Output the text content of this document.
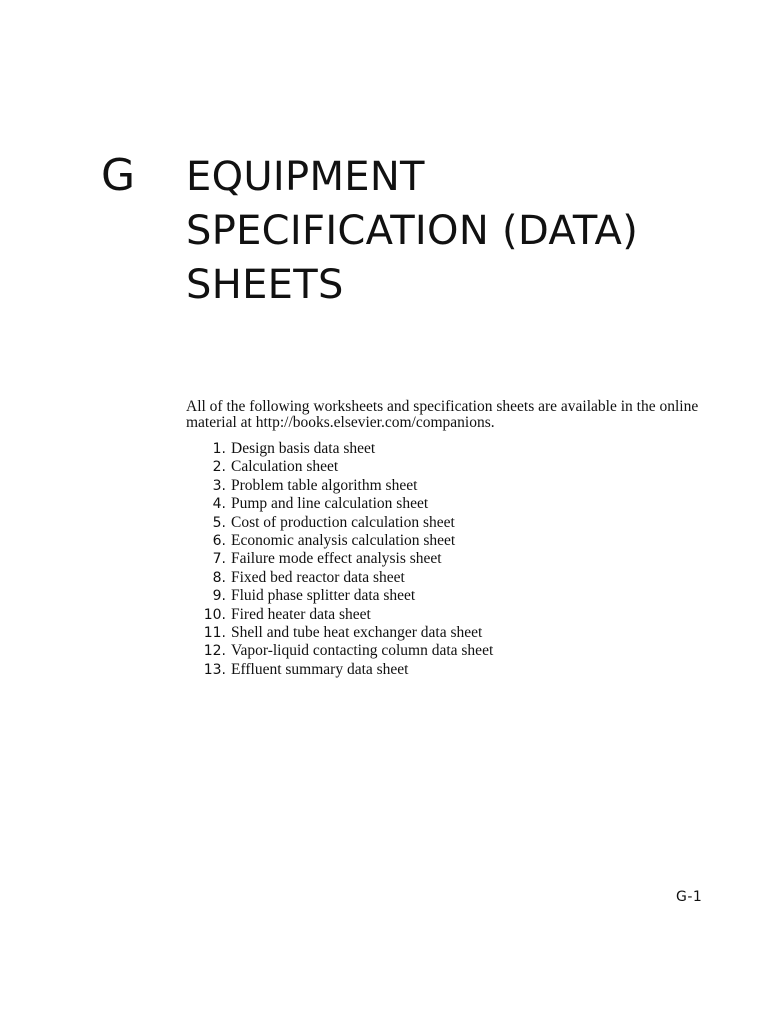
G EQUIPMENT
SPECIFICATION (DATA)
SHEETS

All of the following worksheets and specification sheets are available in the online material at http://books.elsevier.com/companions.

1. Design basis data sheet
2. Calculation sheet
3. Problem table algorithm sheet
4. Pump and line calculation sheet
5. Cost of production calculation sheet
6. Economic analysis calculation sheet
7. Failure mode effect analysis sheet
8. Fixed bed reactor data sheet
9. Fluid phase splitter data sheet
10. Fired heater data sheet
11. Shell and tube heat exchanger data sheet
12. Vapor-liquid contacting column data sheet
13. Effluent summary data sheet
G-1
